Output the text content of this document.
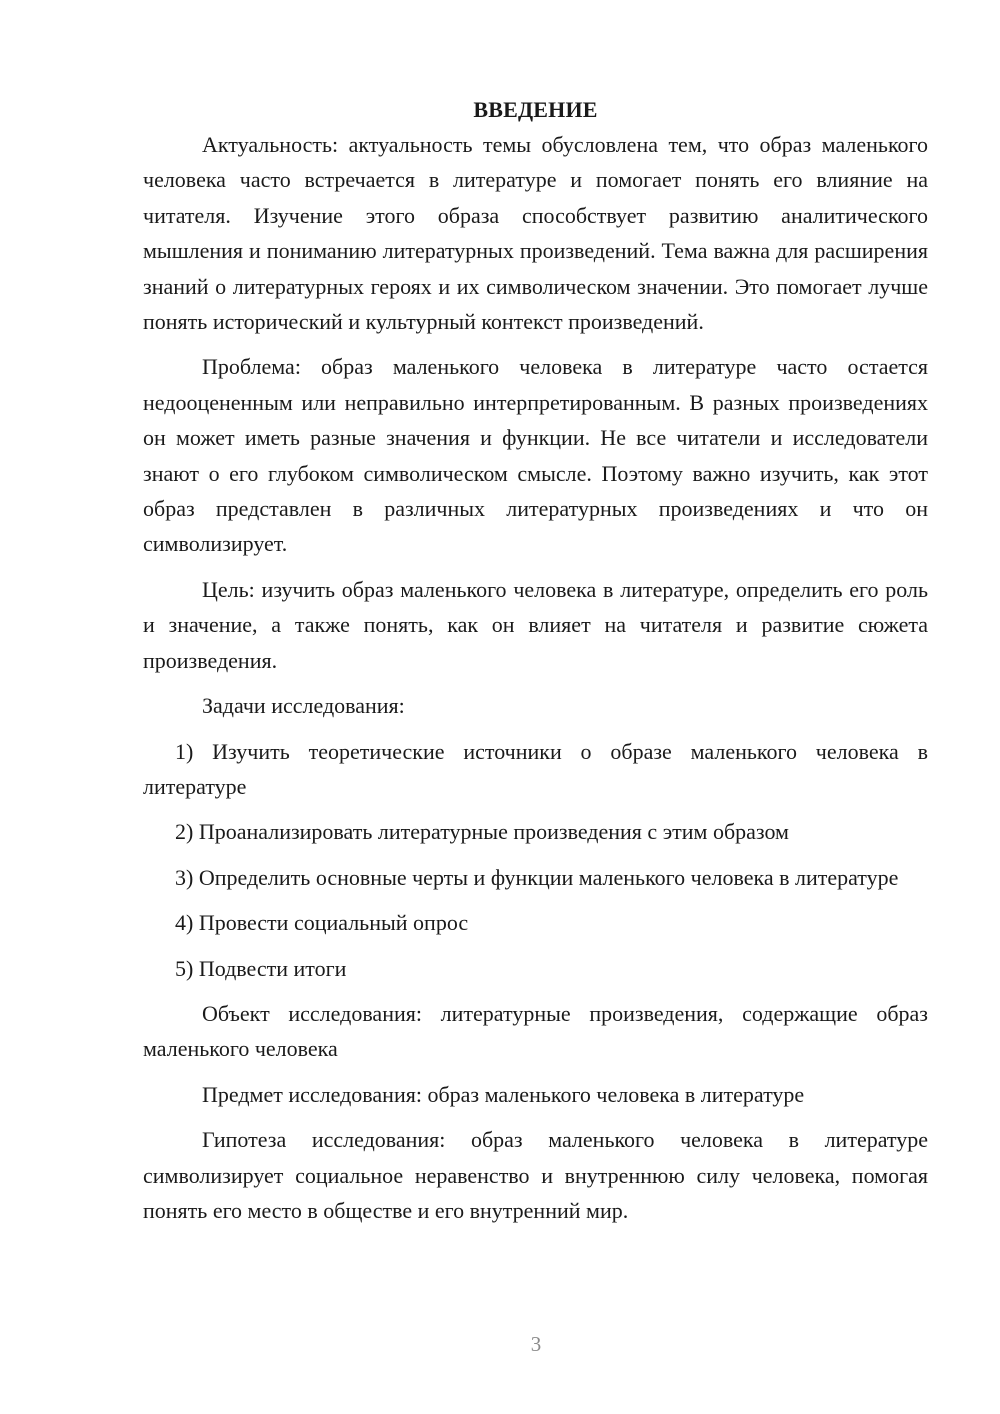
ВВЕДЕНИЕ

Актуальность: актуальность темы обусловлена тем, что образ маленького человека часто встречается в литературе и помогает понять его влияние на читателя. Изучение этого образа способствует развитию аналитического мышления и пониманию литературных произведений. Тема важна для расширения знаний о литературных героях и их символическом значении. Это помогает лучше понять исторический и культурный контекст произведений.

Проблема: образ маленького человека в литературе часто остается недооцененным или неправильно интерпретированным. В разных произведениях он может иметь разные значения и функции. Не все читатели и исследователи знают о его глубоком символическом смысле. Поэтому важно изучить, как этот образ представлен в различных литературных произведениях и что он символизирует.

Цель: изучить образ маленького человека в литературе, определить его роль и значение, а также понять, как он влияет на читателя и развитие сюжета произведения.

Задачи исследования:

1) Изучить теоретические источники о образе маленького человека в литературе

2) Проанализировать литературные произведения с этим образом

3) Определить основные черты и функции маленького человека в литературе

4) Провести социальный опрос

5) Подвести итоги

Объект исследования: литературные произведения, содержащие образ маленького человека

Предмет исследования: образ маленького человека в литературе

Гипотеза исследования: образ маленького человека в литературе символизирует социальное неравенство и внутреннюю силу человека, помогая понять его место в обществе и его внутренний мир.

3
